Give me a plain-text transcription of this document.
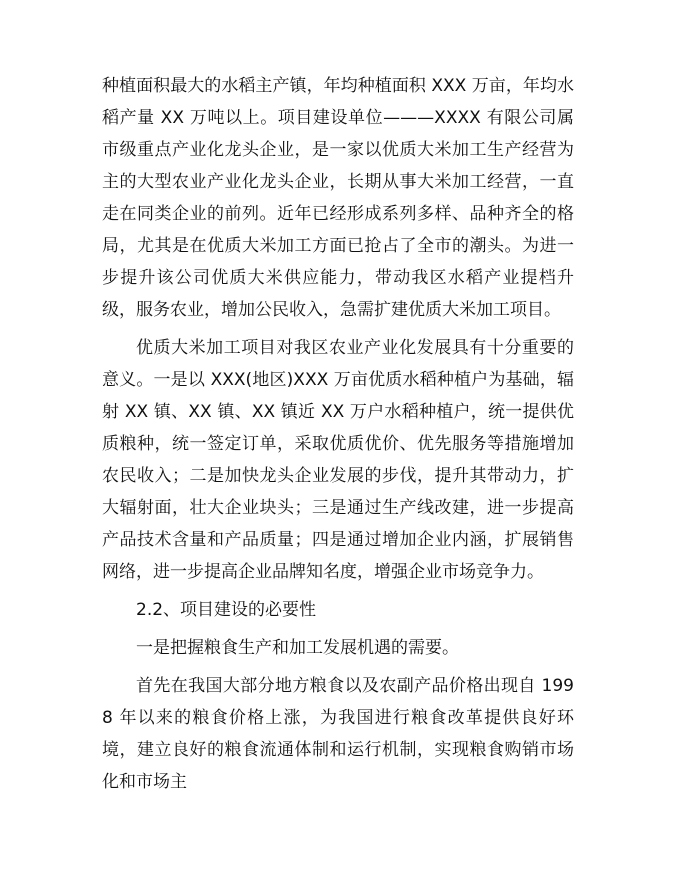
种植面积最大的水稻主产镇，年均种植面积 XXX 万亩，年均水稻产量 XX 万吨以上。项目建设单位———XXXX 有限公司属市级重点产业化龙头企业，是一家以优质大米加工生产经营为主的大型农业产业化龙头企业，长期从事大米加工经营，一直走在同类企业的前列。近年已经形成系列多样、品种齐全的格局，尤其是在优质大米加工方面已抢占了全市的潮头。为进一步提升该公司优质大米供应能力，带动我区水稻产业提档升级，服务农业，增加公民收入，急需扩建优质大米加工项目。

优质大米加工项目对我区农业产业化发展具有十分重要的意义。一是以 XXX(地区)XXX 万亩优质水稻种植户为基础，辐射 XX 镇、XX 镇、XX 镇近 XX 万户水稻种植户，统一提供优质粮种，统一签定订单，采取优质优价、优先服务等措施增加农民收入；二是加快龙头企业发展的步伐，提升其带动力，扩大辐射面，壮大企业块头；三是通过生产线改建，进一步提高产品技术含量和产品质量；四是通过增加企业内涵，扩展销售网络，进一步提高企业品牌知名度，增强企业市场竞争力。

2.2、项目建设的必要性

一是把握粮食生产和加工发展机遇的需要。

首先在我国大部分地方粮食以及农副产品价格出现自 1998 年以来的粮食价格上涨，为我国进行粮食改革提供良好环境，建立良好的粮食流通体制和运行机制，实现粮食购销市场化和市场主
